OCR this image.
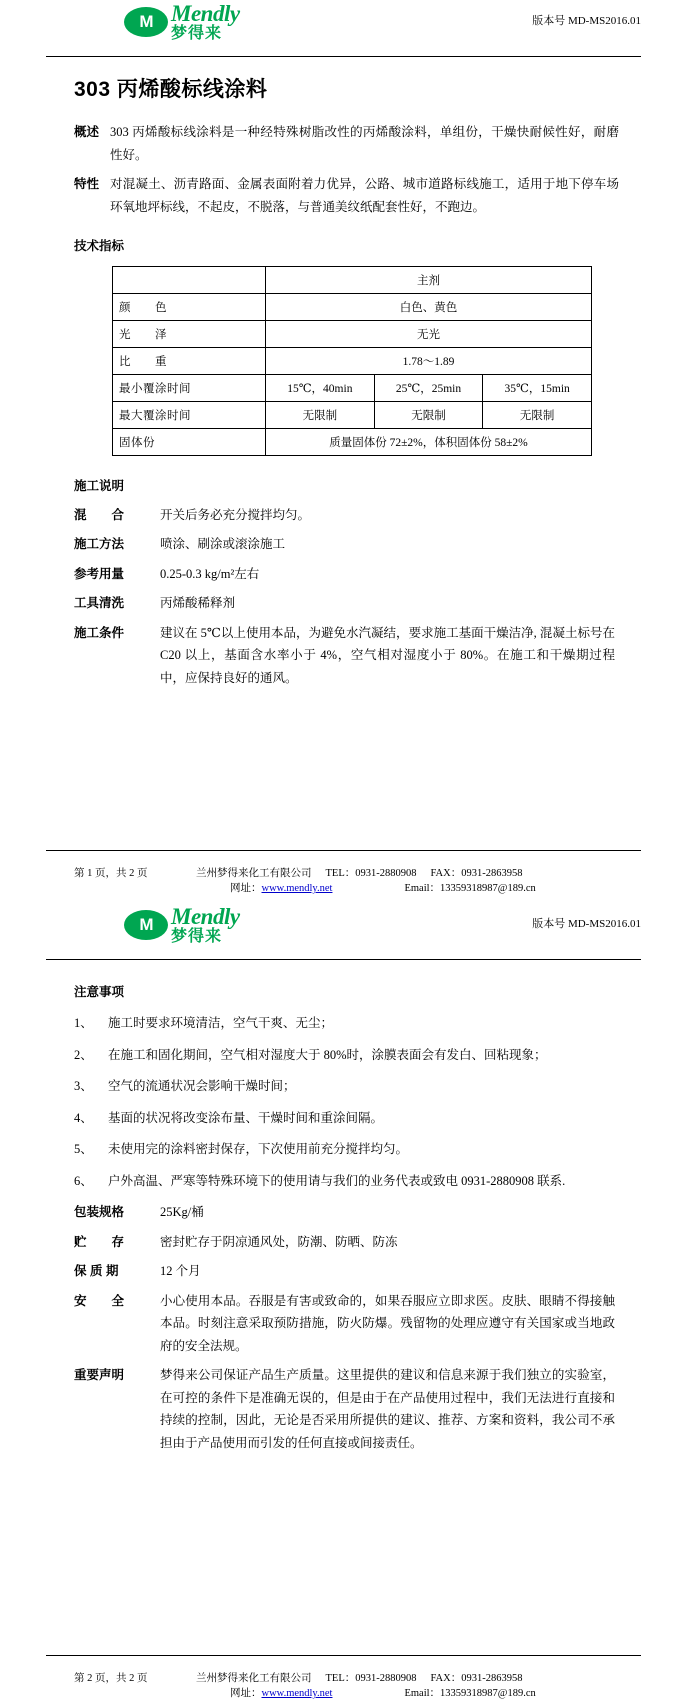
M
Mendly
梦得来
版本号 MD-MS2016.01
303 丙烯酸标线涂料
概述 303 丙烯酸标线涂料是一种经特殊树脂改性的丙烯酸涂料，单组份，干燥快耐候性好，耐磨性好。
特性 对混凝土、沥青路面、金属表面附着力优异，公路、城市道路标线施工，适用于地下停车场环氧地坪标线，不起皮，不脱落，与普通美纹纸配套性好，不跑边。
技术指标
	主剂		
颜　　色	白色、黄色		
光　　泽	无光		
比　　重	1.78～1.89		
最小覆涂时间	15℃，40min	25℃，25min	35℃，15min
最大覆涂时间	无限制	无限制	无限制
固体份	质量固体份 72±2%，体积固体份 58±2%		
施工说明
混　　合	开关后务必充分搅拌均匀。
施工方法	喷涂、刷涂或滚涂施工
参考用量	0.25-0.3 kg/m²左右
工具清洗	丙烯酸稀释剂
施工条件	建议在 5℃以上使用本品，为避免水汽凝结，要求施工基面干燥洁净, 混凝土标号在 C20 以上，基面含水率小于 4%，空气相对湿度小于 80%。在施工和干燥期过程中，应保持良好的通风。
第 1 页，共 2 页	兰州梦得来化工有限公司 TEL：0931-2880908 FAX：0931-2863958
网址：www.mendly.net	Email：13359318987@189.cn
M
Mendly
梦得来
版本号 MD-MS2016.01
注意事项
1、	施工时要求环境清洁，空气干爽、无尘；
2、	在施工和固化期间，空气相对湿度大于 80%时，涂膜表面会有发白、回粘现象；
3、	空气的流通状况会影响干燥时间；
4、	基面的状况将改变涂布量、干燥时间和重涂间隔。
5、	未使用完的涂料密封保存，下次使用前充分搅拌均匀。
6、	户外高温、严寒等特殊环境下的使用请与我们的业务代表或致电 0931-2880908 联系.
包装规格	25Kg/桶
贮　　存	密封贮存于阴凉通风处，防潮、防晒、防冻
保 质 期	12 个月
安　　全	小心使用本品。吞服是有害或致命的，如果吞服应立即求医。皮肤、眼睛不得接触本品。时刻注意采取预防措施，防火防爆。残留物的处理应遵守有关国家或当地政府的安全法规。
重要声明	梦得来公司保证产品生产质量。这里提供的建议和信息来源于我们独立的实验室，在可控的条件下是准确无误的，但是由于在产品使用过程中，我们无法进行直接和持续的控制，因此，无论是否采用所提供的建议、推荐、方案和资料，我公司不承担由于产品使用而引发的任何直接或间接责任。
第 2 页，共 2 页	兰州梦得来化工有限公司 TEL：0931-2880908 FAX：0931-2863958
网址：www.mendly.net	Email：13359318987@189.cn
